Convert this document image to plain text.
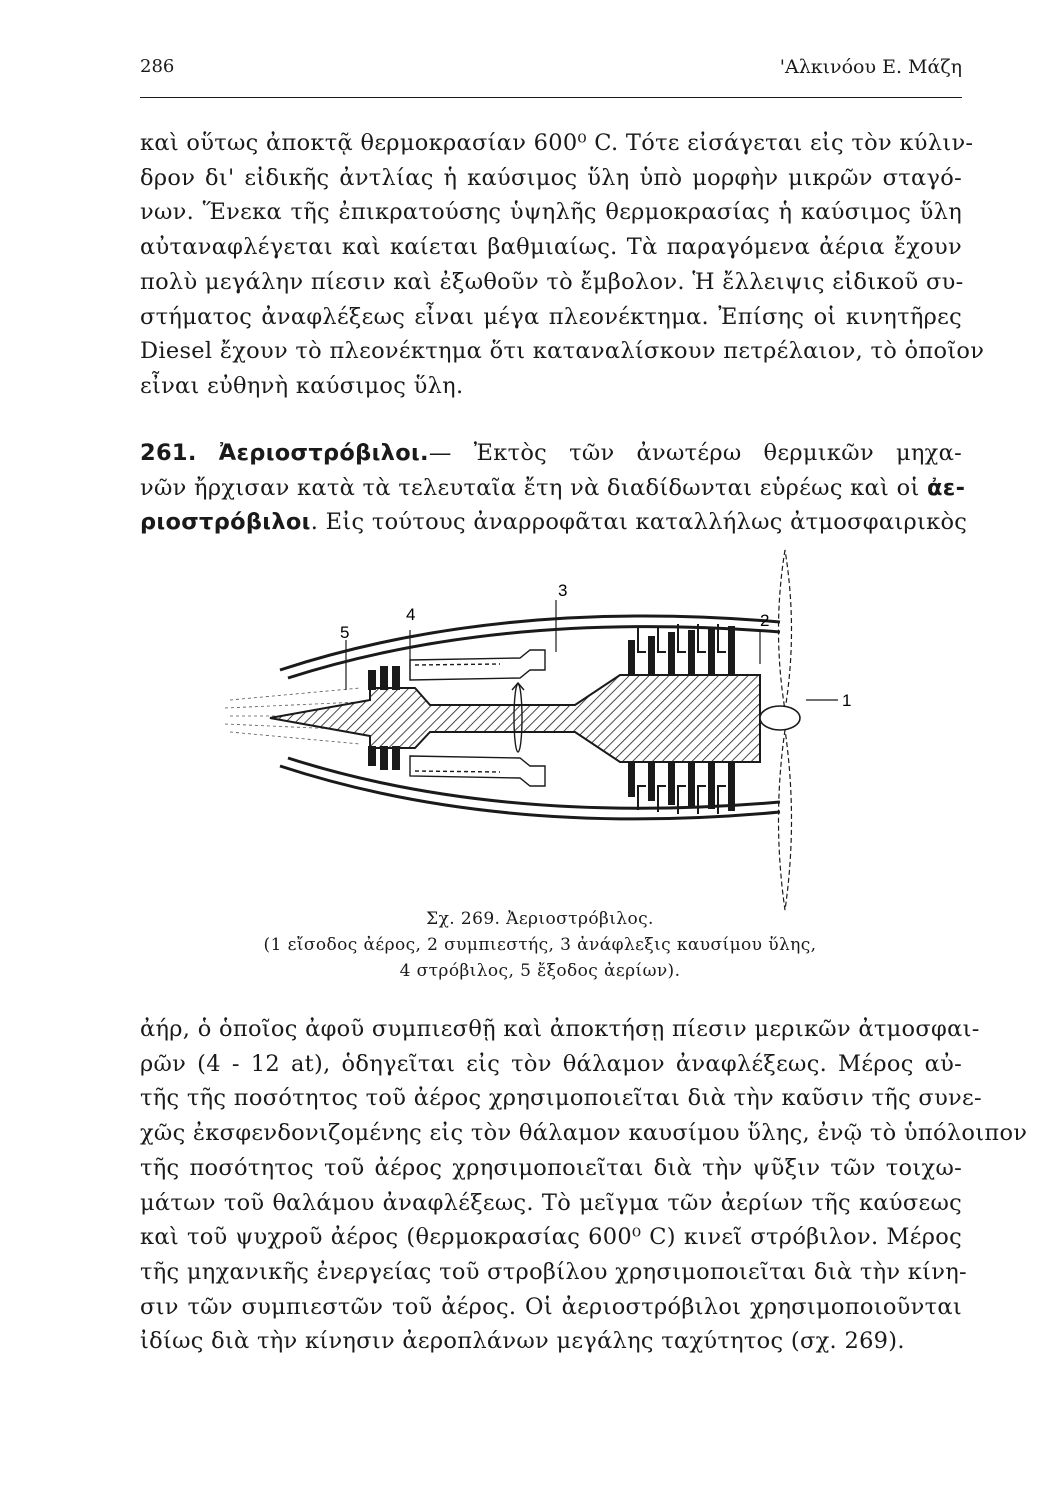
286	'Αλκινόου Ε. Μάζη

καὶ οὕτως ἀποκτᾷ θερμοκρασίαν 600⁰ C. Τότε εἰσάγεται εἰς τὸν κύλιν-
δρον δι' εἰδικῆς ἀντλίας ἡ καύσιμος ὕλη ὑπὸ μορφὴν μικρῶν σταγό-
νων. Ἕνεκα τῆς ἐπικρατούσης ὑψηλῆς θερμοκρασίας ἡ καύσιμος ὕλη
αὐταναφλέγεται καὶ καίεται βαθμιαίως. Τὰ παραγόμενα ἀέρια ἔχουν
πολὺ μεγάλην πίεσιν καὶ ἐξωθοῦν τὸ ἔμβολον. Ἡ ἔλλειψις εἰδικοῦ συ-
στήματος ἀναφλέξεως εἶναι μέγα πλεονέκτημα. Ἐπίσης οἱ κινητῆρες
Diesel ἔχουν τὸ πλεονέκτημα ὅτι καταναλίσκουν πετρέλαιον, τὸ ὁποῖον
εἶναι εὐθηνὴ καύσιμος ὕλη.

261. Ἀεριοστρόβιλοι.— Ἐκτὸς τῶν ἀνωτέρω θερμικῶν μηχα-
νῶν ἤρχισαν κατὰ τὰ τελευταῖα ἔτη νὰ διαδίδωνται εὑρέως καὶ οἱ ἀε-
ριοστρόβιλοι. Εἰς τούτους ἀναρροφᾶται καταλλήλως ἀτμοσφαιρικὸς

5
4
3
2
1
Σχ. 269. Ἀεριοστρόβιλος.
(1 εἴσοδος ἀέρος, 2 συμπιεστής, 3 ἀνάφλεξις καυσίμου ὕλης,
4 στρόβιλος, 5 ἔξοδος ἀερίων).

ἀήρ, ὁ ὁποῖος ἀφοῦ συμπιεσθῇ καὶ ἀποκτήσῃ πίεσιν μερικῶν ἀτμοσφαι-
ρῶν (4 - 12 at), ὁδηγεῖται εἰς τὸν θάλαμον ἀναφλέξεως. Μέρος αὐ-
τῆς τῆς ποσότητος τοῦ ἀέρος χρησιμοποιεῖται διὰ τὴν καῦσιν τῆς συνε-
χῶς ἐκσφενδονιζομένης εἰς τὸν θάλαμον καυσίμου ὕλης, ἐνῷ τὸ ὑπόλοιπον
τῆς ποσότητος τοῦ ἀέρος χρησιμοποιεῖται διὰ τὴν ψῦξιν τῶν τοιχω-
μάτων τοῦ θαλάμου ἀναφλέξεως. Τὸ μεῖγμα τῶν ἀερίων τῆς καύσεως
καὶ τοῦ ψυχροῦ ἀέρος (θερμοκρασίας 600⁰ C) κινεῖ στρόβιλον. Μέρος
τῆς μηχανικῆς ἐνεργείας τοῦ στροβίλου χρησιμοποιεῖται διὰ τὴν κίνη-
σιν τῶν συμπιεστῶν τοῦ ἀέρος. Οἱ ἀεριοστρόβιλοι χρησιμοποιοῦνται
ἰδίως διὰ τὴν κίνησιν ἀεροπλάνων μεγάλης ταχύτητος (σχ. 269).
